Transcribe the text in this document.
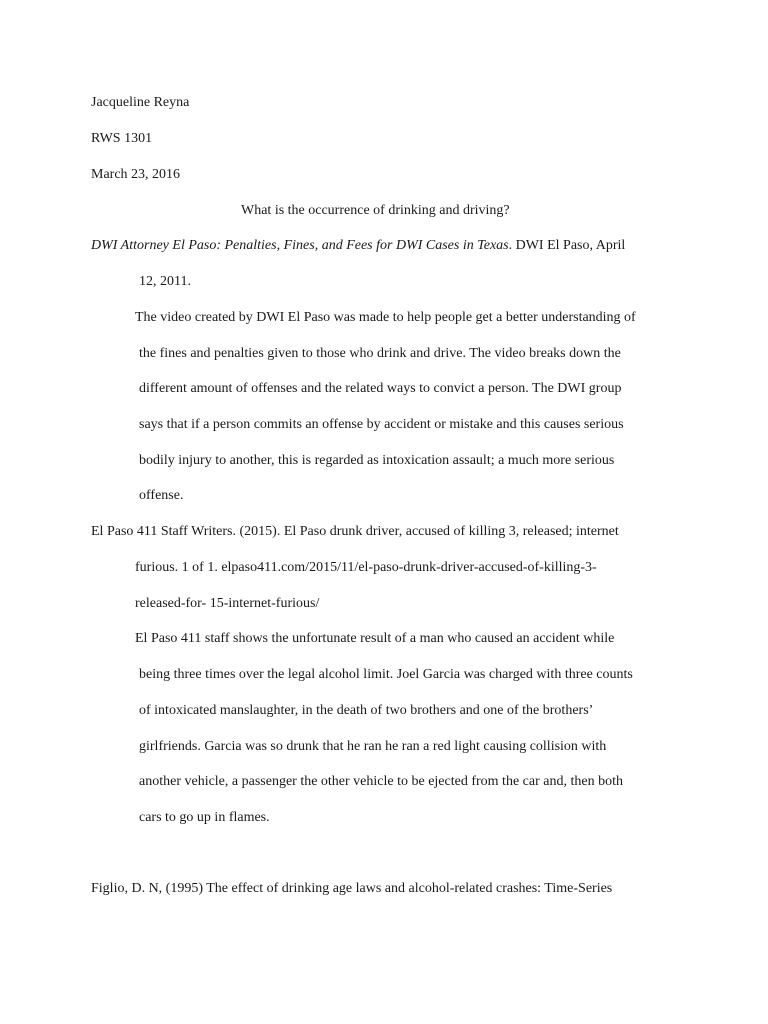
Jacqueline Reyna
RWS 1301
March 23, 2016
What is the occurrence of drinking and driving?
DWI Attorney El Paso: Penalties, Fines, and Fees for DWI Cases in Texas. DWI El Paso, April
12, 2011.
The video created by DWI El Paso was made to help people get a better understanding of
the fines and penalties given to those who drink and drive. The video breaks down the
different amount of offenses and the related ways to convict a person. The DWI group
says that if a person commits an offense by accident or mistake and this causes serious
bodily injury to another, this is regarded as intoxication assault; a much more serious
offense.
El Paso 411 Staff Writers. (2015). El Paso drunk driver, accused of killing 3, released; internet
furious. 1 of 1. elpaso411.com/2015/11/el-paso-drunk-driver-accused-of-killing-3-
released-for- 15-internet-furious/
El Paso 411 staff shows the unfortunate result of a man who caused an accident while
being three times over the legal alcohol limit. Joel Garcia was charged with three counts
of intoxicated manslaughter, in the death of two brothers and one of the brothers’
girlfriends. Garcia was so drunk that he ran he ran a red light causing collision with
another vehicle, a passenger the other vehicle to be ejected from the car and, then both
cars to go up in flames.
Figlio, D. N, (1995) The effect of drinking age laws and alcohol-related crashes: Time-Series
